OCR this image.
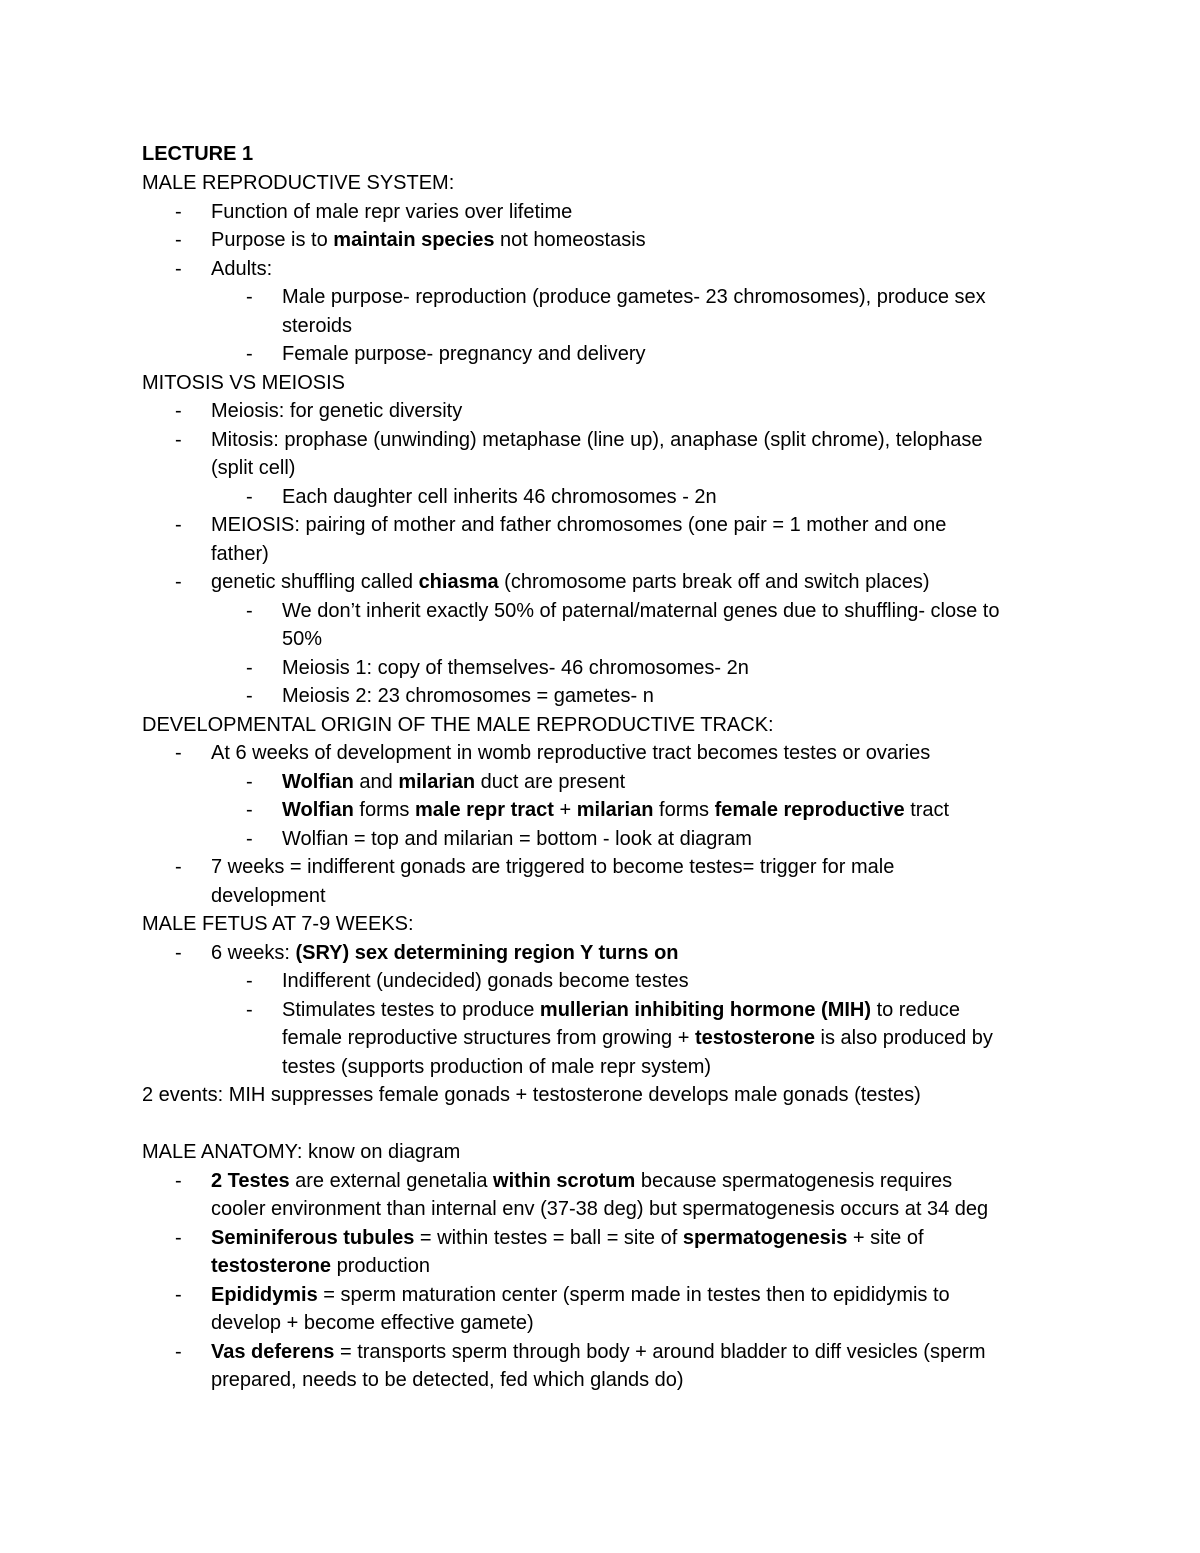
LECTURE 1
MALE REPRODUCTIVE SYSTEM:
- Function of male repr varies over lifetime
- Purpose is to maintain species not homeostasis
- Adults:
- Male purpose- reproduction (produce gametes- 23 chromosomes), produce sex
steroids
- Female purpose- pregnancy and delivery
MITOSIS VS MEIOSIS
- Meiosis: for genetic diversity
- Mitosis: prophase (unwinding) metaphase (line up), anaphase (split chrome), telophase
(split cell)
- Each daughter cell inherits 46 chromosomes - 2n
- MEIOSIS: pairing of mother and father chromosomes (one pair = 1 mother and one
father)
- genetic shuffling called chiasma (chromosome parts break off and switch places)
- We don’t inherit exactly 50% of paternal/maternal genes due to shuffling- close to
50%
- Meiosis 1: copy of themselves- 46 chromosomes- 2n
- Meiosis 2: 23 chromosomes = gametes- n
DEVELOPMENTAL ORIGIN OF THE MALE REPRODUCTIVE TRACK:
- At 6 weeks of development in womb reproductive tract becomes testes or ovaries
- Wolfian and milarian duct are present
- Wolfian forms male repr tract + milarian forms female reproductive tract
- Wolfian = top and milarian = bottom - look at diagram
- 7 weeks = indifferent gonads are triggered to become testes= trigger for male
development
MALE FETUS AT 7-9 WEEKS:
- 6 weeks: (SRY) sex determining region Y turns on
- Indifferent (undecided) gonads become testes
- Stimulates testes to produce mullerian inhibiting hormone (MIH) to reduce
female reproductive structures from growing + testosterone is also produced by
testes (supports production of male repr system)
2 events: MIH suppresses female gonads + testosterone develops male gonads (testes)
MALE ANATOMY: know on diagram
- 2 Testes are external genetalia within scrotum because spermatogenesis requires
cooler environment than internal env (37-38 deg) but spermatogenesis occurs at 34 deg
- Seminiferous tubules = within testes = ball = site of spermatogenesis + site of
testosterone production
- Epididymis = sperm maturation center (sperm made in testes then to epididymis to
develop + become effective gamete)
- Vas deferens = transports sperm through body + around bladder to diff vesicles (sperm
prepared, needs to be detected, fed which glands do)
